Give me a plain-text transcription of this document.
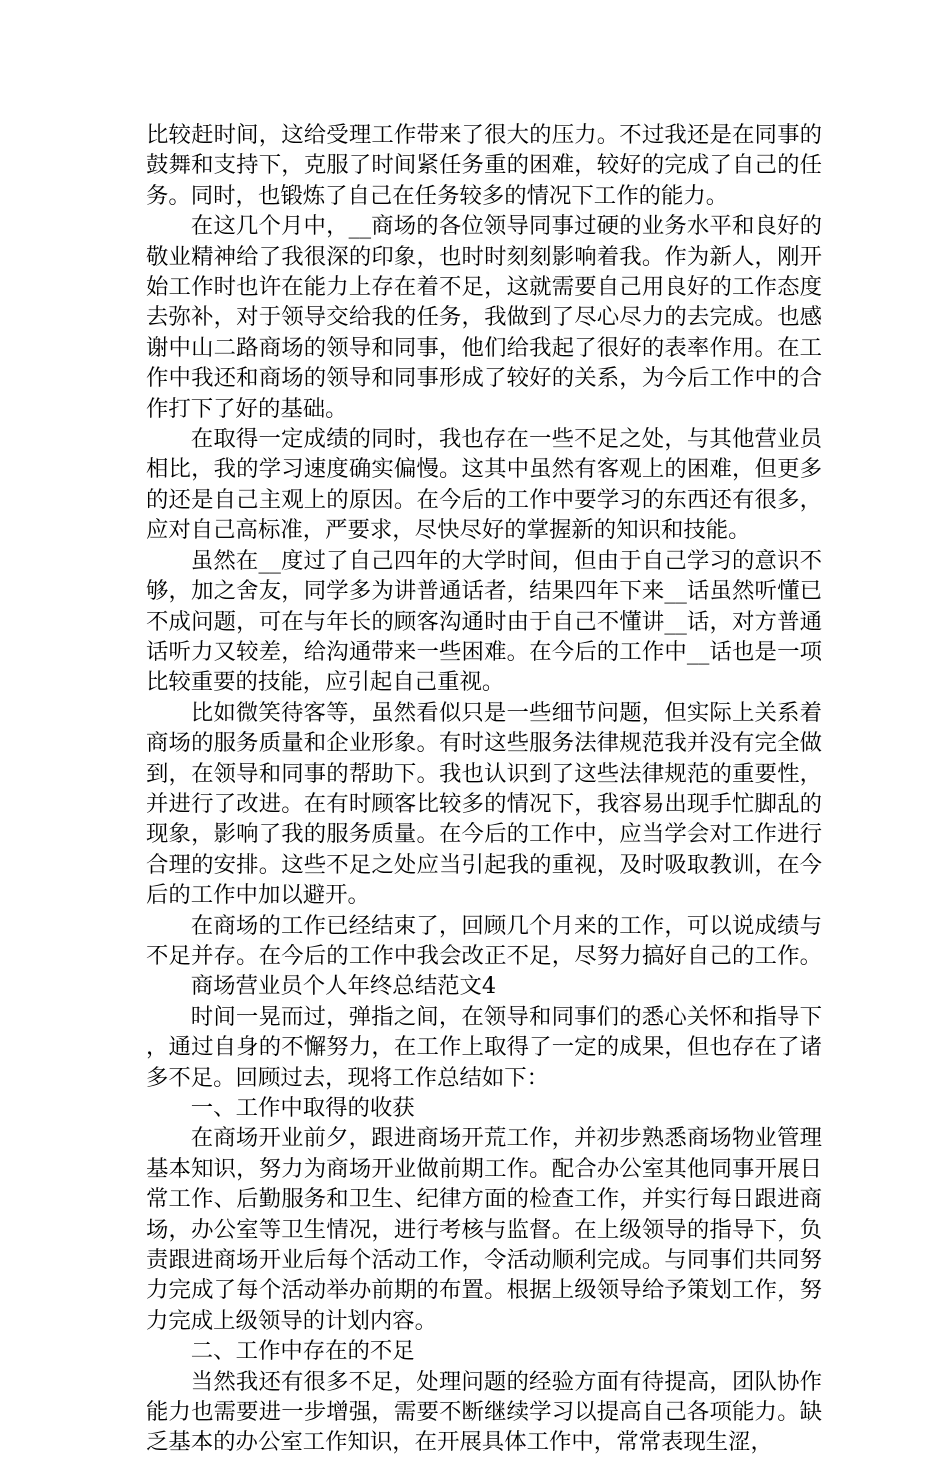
比较赶时间，这给受理工作带来了很大的压力。不过我还是在同事的鼓舞和支持下，克服了时间紧任务重的困难，较好的完成了自己的任务。同时，也锻炼了自己在任务较多的情况下工作的能力。

在这几个月中，__商场的各位领导同事过硬的业务水平和良好的敬业精神给了我很深的印象，也时时刻刻影响着我。作为新人，刚开始工作时也许在能力上存在着不足，这就需要自己用良好的工作态度去弥补，对于领导交给我的任务，我做到了尽心尽力的去完成。也感谢中山二路商场的领导和同事，他们给我起了很好的表率作用。在工作中我还和商场的领导和同事形成了较好的关系，为今后工作中的合作打下了好的基础。

在取得一定成绩的同时，我也存在一些不足之处，与其他营业员相比，我的学习速度确实偏慢。这其中虽然有客观上的困难，但更多的还是自己主观上的原因。在今后的工作中要学习的东西还有很多，应对自己高标准，严要求，尽快尽好的掌握新的知识和技能。

虽然在__度过了自己四年的大学时间，但由于自己学习的意识不够，加之舍友，同学多为讲普通话者，结果四年下来__话虽然听懂已不成问题，可在与年长的顾客沟通时由于自己不懂讲__话，对方普通话听力又较差，给沟通带来一些困难。在今后的工作中__话也是一项比较重要的技能，应引起自己重视。

比如微笑待客等，虽然看似只是一些细节问题，但实际上关系着商场的服务质量和企业形象。有时这些服务法律规范我并没有完全做到，在领导和同事的帮助下。我也认识到了这些法律规范的重要性，并进行了改进。在有时顾客比较多的情况下，我容易出现手忙脚乱的现象，影响了我的服务质量。在今后的工作中，应当学会对工作进行合理的安排。这些不足之处应当引起我的重视，及时吸取教训，在今后的工作中加以避开。

在商场的工作已经结束了，回顾几个月来的工作，可以说成绩与不足并存。在今后的工作中我会改正不足，尽努力搞好自己的工作。商场营业员个人年终总结范文4

时间一晃而过，弹指之间，在领导和同事们的悉心关怀和指导下，通过自身的不懈努力，在工作上取得了一定的成果，但也存在了诸多不足。回顾过去，现将工作总结如下：

一、工作中取得的收获

在商场开业前夕，跟进商场开荒工作，并初步熟悉商场物业管理基本知识，努力为商场开业做前期工作。配合办公室其他同事开展日常工作、后勤服务和卫生、纪律方面的检查工作，并实行每日跟进商场，办公室等卫生情况，进行考核与监督。在上级领导的指导下，负责跟进商场开业后每个活动工作，令活动顺利完成。与同事们共同努力完成了每个活动举办前期的布置。根据上级领导给予策划工作，努力完成上级领导的计划内容。

二、工作中存在的不足

当然我还有很多不足，处理问题的经验方面有待提高，团队协作能力也需要进一步增强，需要不断继续学习以提高自己各项能力。缺乏基本的办公室工作知识，在开展具体工作中，常常表现生涩，
